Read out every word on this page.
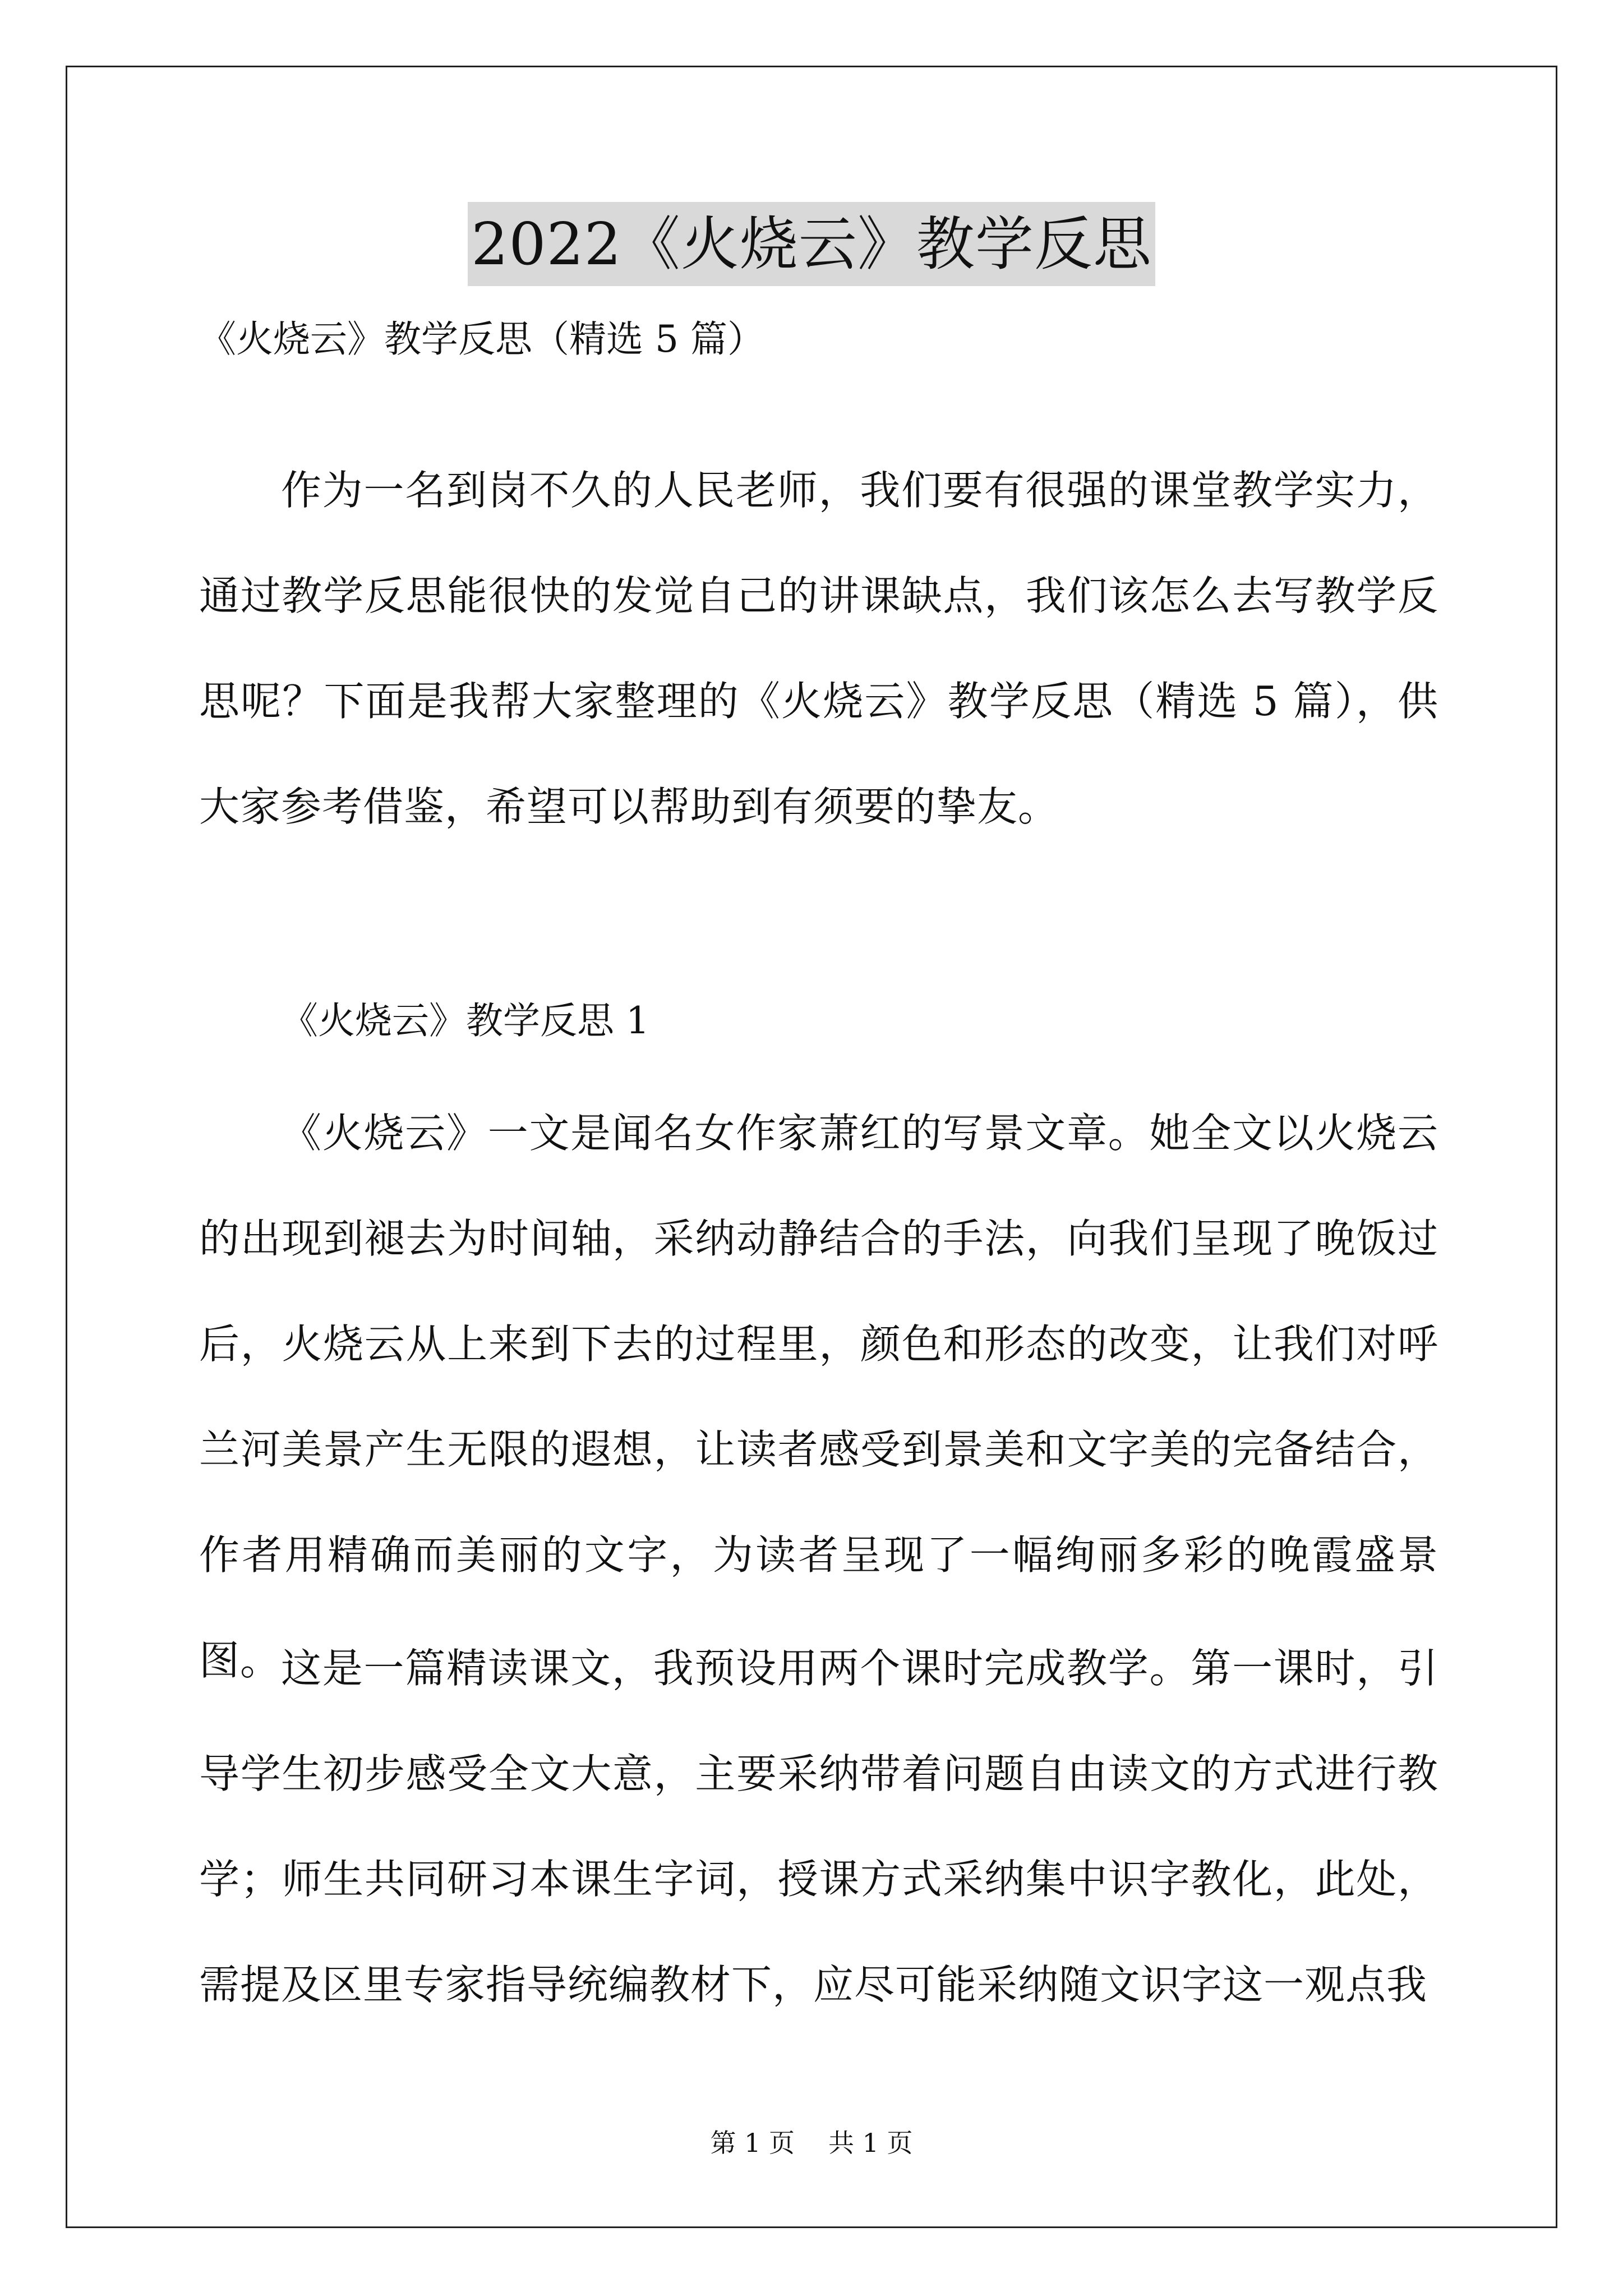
2022《火烧云》教学反思
《火烧云》教学反思（精选 5 篇）

作为一名到岗不久的人民老师，我们要有很强的课堂教学实力，通过教学反思能很快的发觉自己的讲课缺点，我们该怎么去写教学反思呢？下面是我帮大家整理的《火烧云》教学反思（精选 5 篇），供大家参考借鉴，希望可以帮助到有须要的挚友。

《火烧云》教学反思 1

《火烧云》一文是闻名女作家萧红的写景文章。她全文以火烧云的出现到褪去为时间轴，采纳动静结合的手法，向我们呈现了晚饭过后，火烧云从上来到下去的过程里，颜色和形态的改变，让我们对呼兰河美景产生无限的遐想，让读者感受到景美和文字美的完备结合，作者用精确而美丽的文字，为读者呈现了一幅绚丽多彩的晚霞盛景图。 这是一篇精读课文，我预设用两个课时完成教学。第一课时，引导学生初步感受全文大意，主要采纳带着问题自由读文的方式进行教学；师生共同研习本课生字词，授课方式采纳集中识字教化，此处，需提及区里专家指导统编教材下，应尽可能采纳随文识字这一观点我

第 1 页 共 1 页
